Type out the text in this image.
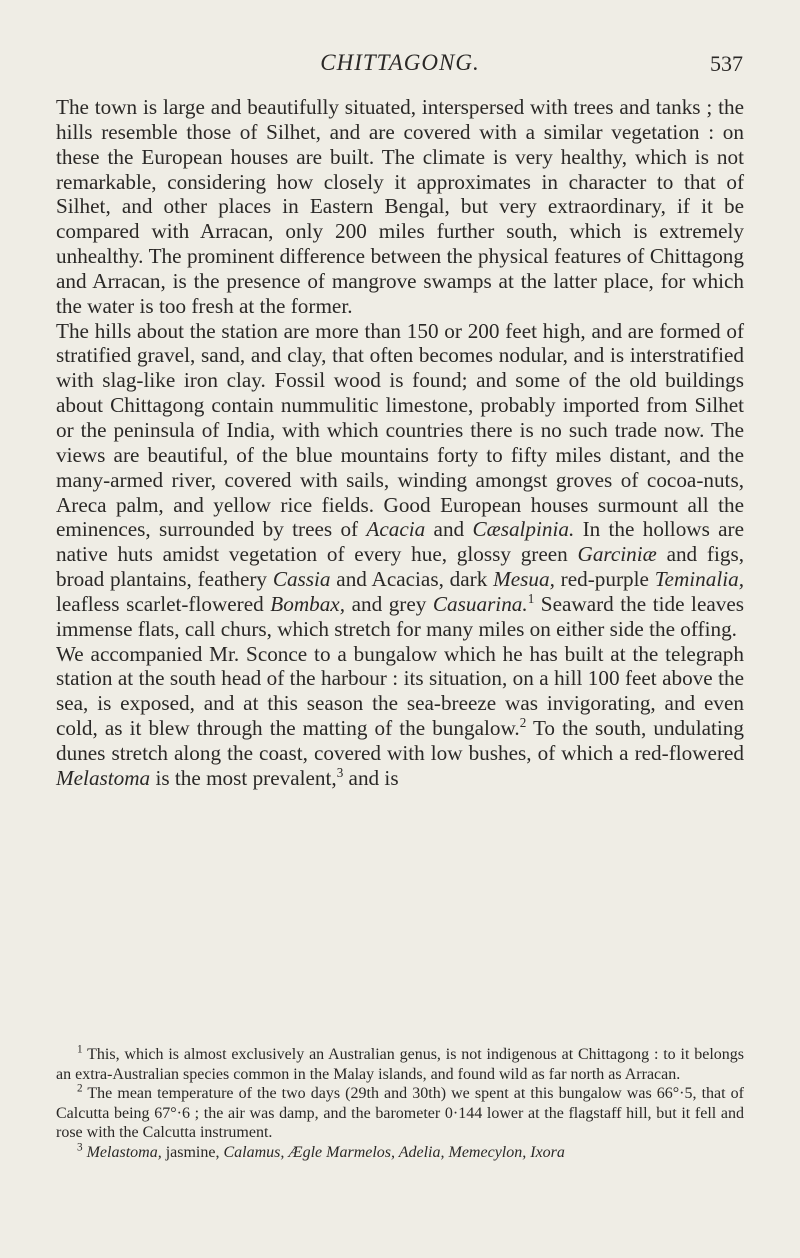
CHITTAGONG.	537

The town is large and beautifully situated, interspersed with trees and tanks ; the hills resemble those of Silhet, and are covered with a similar vegetation : on these the European houses are built. The climate is very healthy, which is not remarkable, considering how closely it approximates in character to that of Silhet, and other places in Eastern Bengal, but very extraordinary, if it be compared with Arracan, only 200 miles further south, which is extremely unhealthy. The prominent difference between the physical features of Chittagong and Arracan, is the presence of mangrove swamps at the latter place, for which the water is too fresh at the former.

The hills about the station are more than 150 or 200 feet high, and are formed of stratified gravel, sand, and clay, that often becomes nodular, and is interstratified with slag-like iron clay. Fossil wood is found; and some of the old buildings about Chittagong contain nummulitic limestone, probably imported from Silhet or the peninsula of India, with which countries there is no such trade now. The views are beautiful, of the blue mountains forty to fifty miles distant, and the many-armed river, covered with sails, winding amongst groves of cocoa-nuts, Areca palm, and yellow rice fields. Good European houses surmount all the eminences, surrounded by trees of Acacia and Cæsalpinia. In the hollows are native huts amidst vegetation of every hue, glossy green Garciniæ and figs, broad plantains, feathery Cassia and Acacias, dark Mesua, red-purple Teminalia, leafless scarlet-flowered Bombax, and grey Casuarina.$^1$ Seaward the tide leaves immense flats, call churs, which stretch for many miles on either side the offing.

We accompanied Mr. Sconce to a bungalow which he has built at the telegraph station at the south head of the harbour : its situation, on a hill 100 feet above the sea, is exposed, and at this season the sea-breeze was invigorating, and even cold, as it blew through the matting of the bungalow.$^2$ To the south, undulating dunes stretch along the coast, covered with low bushes, of which a red-flowered Melastoma is the most prevalent,$^3$ and is

$^1$ This, which is almost exclusively an Australian genus, is not indigenous at Chittagong : to it belongs an extra-Australian species common in the Malay islands, and found wild as far north as Arracan.

$^2$ The mean temperature of the two days (29th and 30th) we spent at this bungalow was 66°·5, that of Calcutta being 67°·6 ; the air was damp, and the barometer 0·144 lower at the flagstaff hill, but it fell and rose with the Calcutta instrument.

$^3$ Melastoma, jasmine, Calamus, Ægle Marmelos, Adelia, Memecylon, Ixora
